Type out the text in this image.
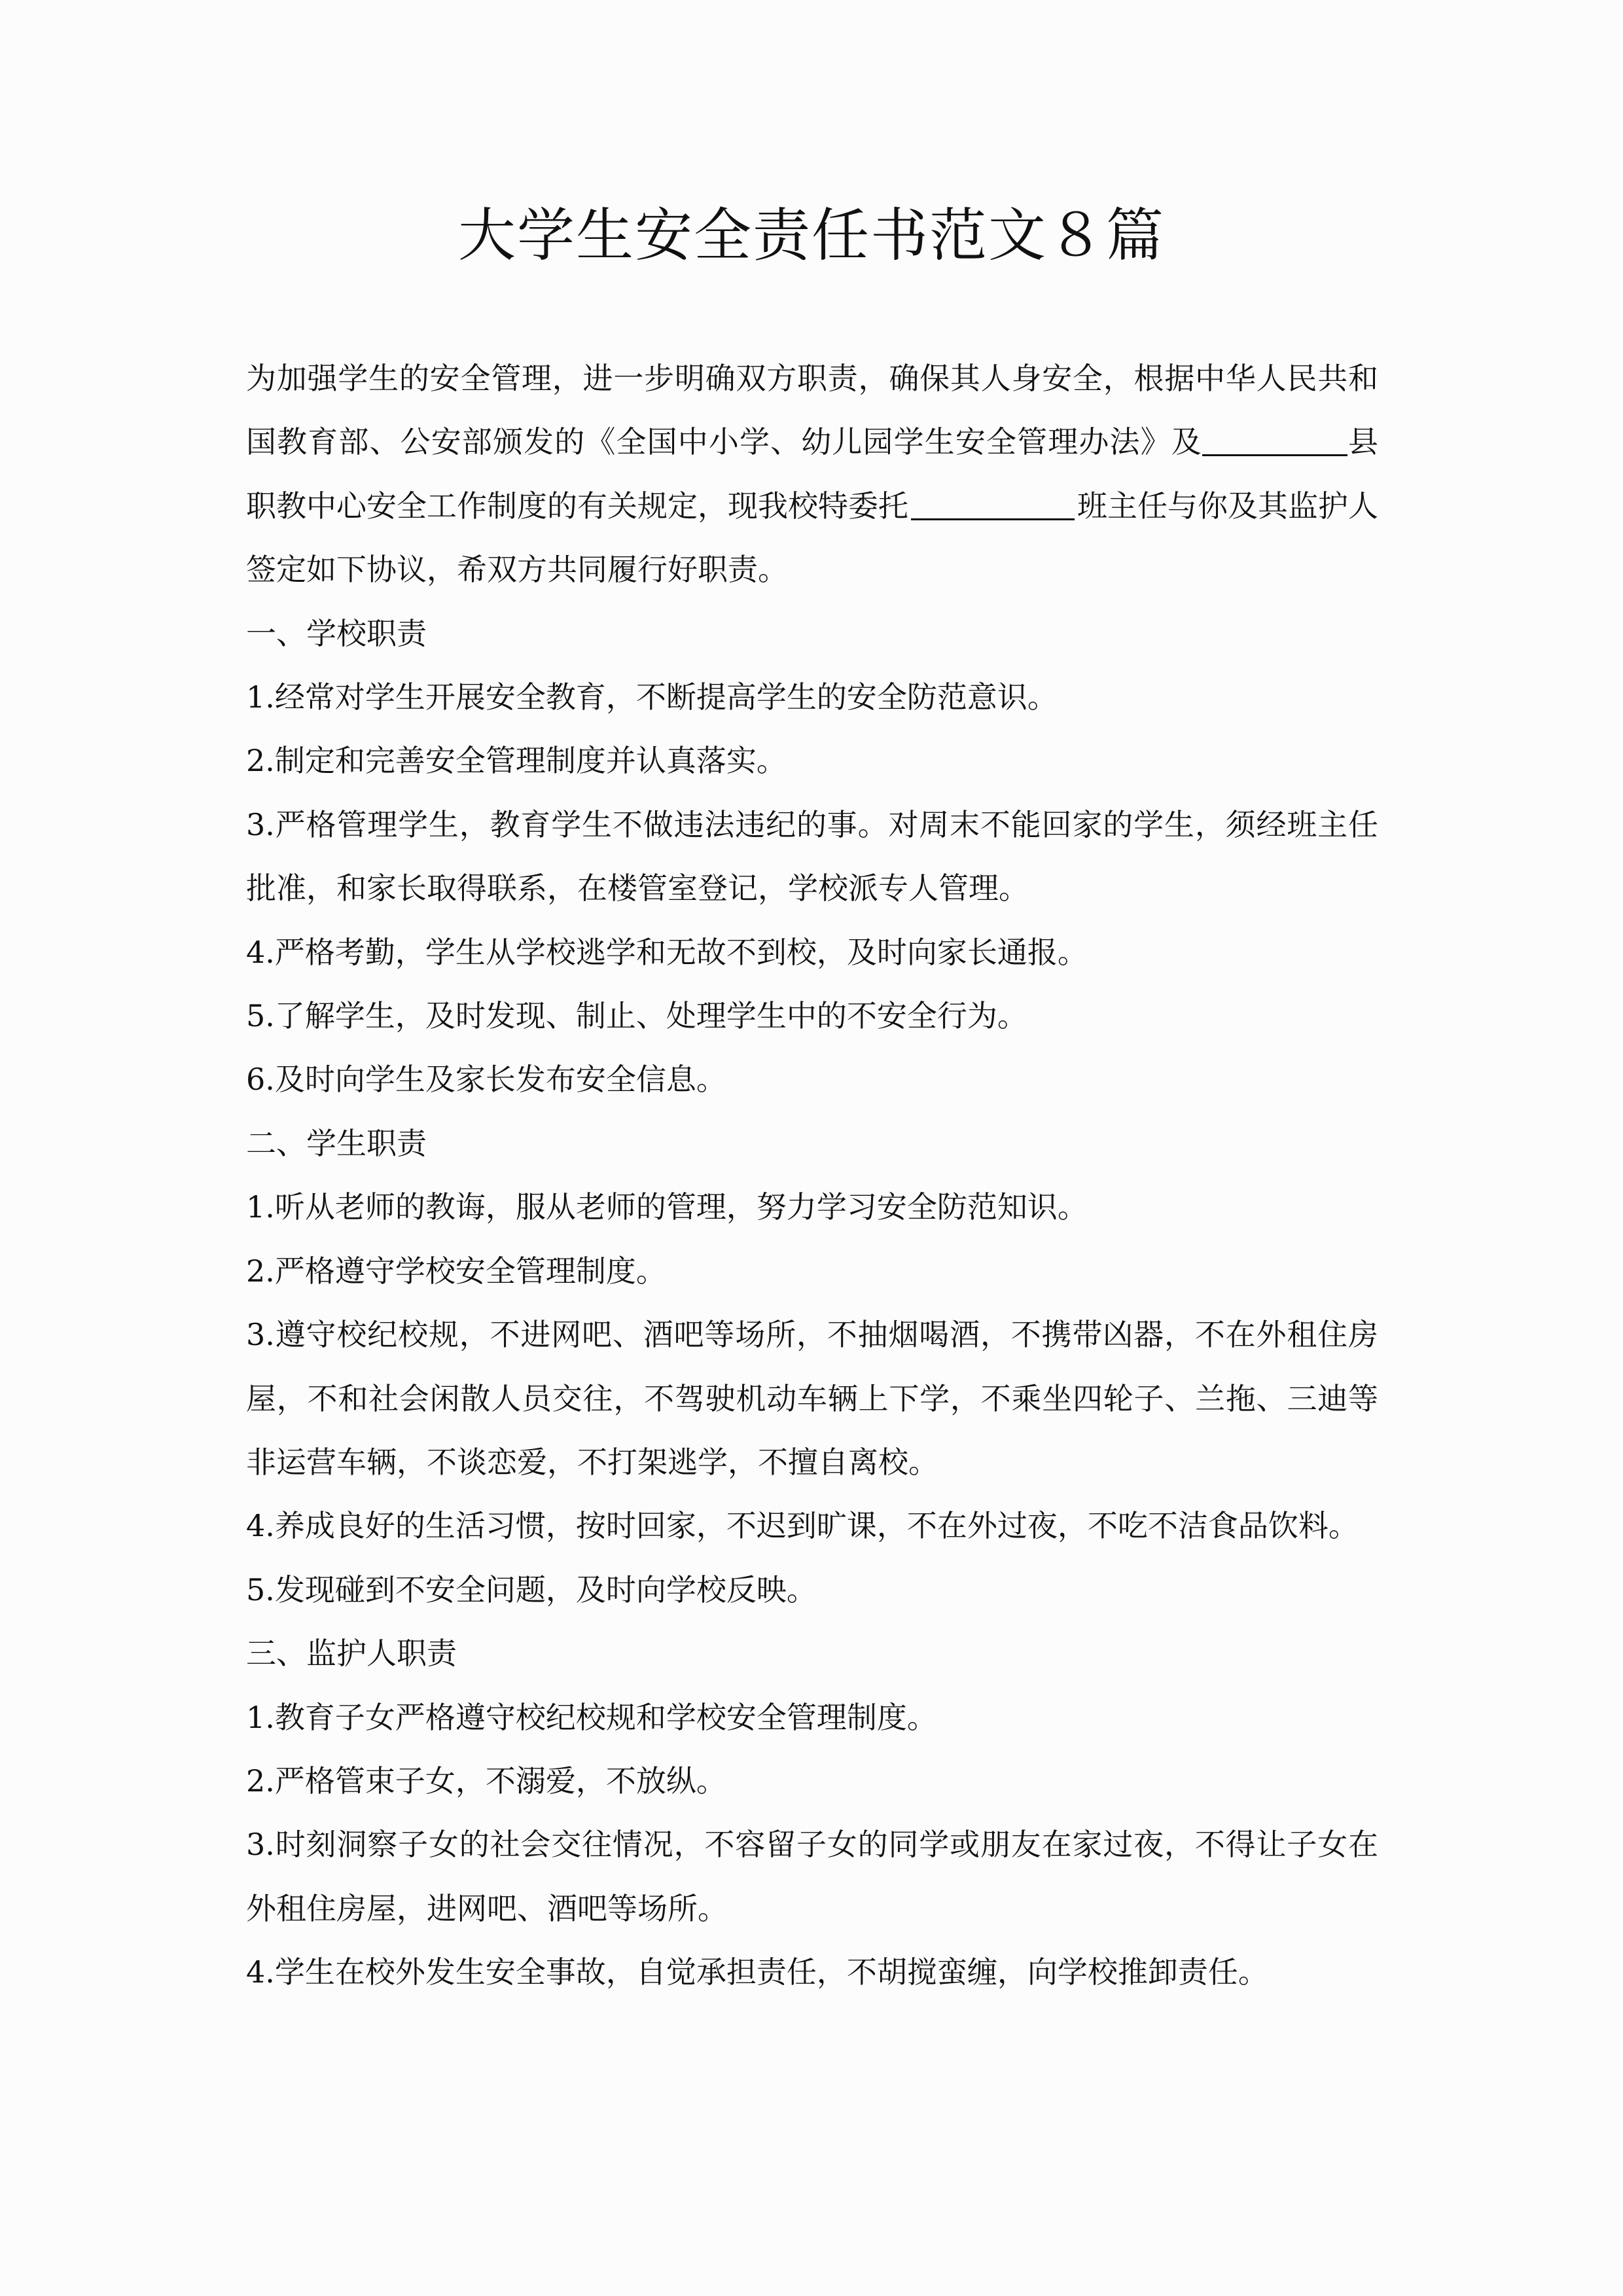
大学生安全责任书范文８篇

为加强学生的安全管理，进一步明确双方职责，确保其人身安全，根据中华人民共和国教育部、公安部颁发的《全国中小学、幼儿园学生安全管理办法》及	县职教中心安全工作制度的有关规定，现我校特委托	班主任与你及其监护人签定如下协议，希双方共同履行好职责。

一、学校职责

1.经常对学生开展安全教育，不断提高学生的安全防范意识。

2.制定和完善安全管理制度并认真落实。

3.严格管理学生，教育学生不做违法违纪的事。对周末不能回家的学生，须经班主任批准，和家长取得联系，在楼管室登记，学校派专人管理。

4.严格考勤，学生从学校逃学和无故不到校，及时向家长通报。

5.了解学生，及时发现、制止、处理学生中的不安全行为。

6.及时向学生及家长发布安全信息。

二、学生职责

1.听从老师的教诲，服从老师的管理，努力学习安全防范知识。

2.严格遵守学校安全管理制度。

3.遵守校纪校规，不进网吧、酒吧等场所，不抽烟喝酒，不携带凶器，不在外租住房屋，不和社会闲散人员交往，不驾驶机动车辆上下学，不乘坐四轮子、兰拖、三迪等非运营车辆，不谈恋爱，不打架逃学，不擅自离校。

4.养成良好的生活习惯，按时回家，不迟到旷课，不在外过夜，不吃不洁食品饮料。

5.发现碰到不安全问题，及时向学校反映。

三、监护人职责

1.教育子女严格遵守校纪校规和学校安全管理制度。

2.严格管束子女，不溺爱，不放纵。

3.时刻洞察子女的社会交往情况，不容留子女的同学或朋友在家过夜，不得让子女在外租住房屋，进网吧、酒吧等场所。

4.学生在校外发生安全事故，自觉承担责任，不胡搅蛮缠，向学校推卸责任。
